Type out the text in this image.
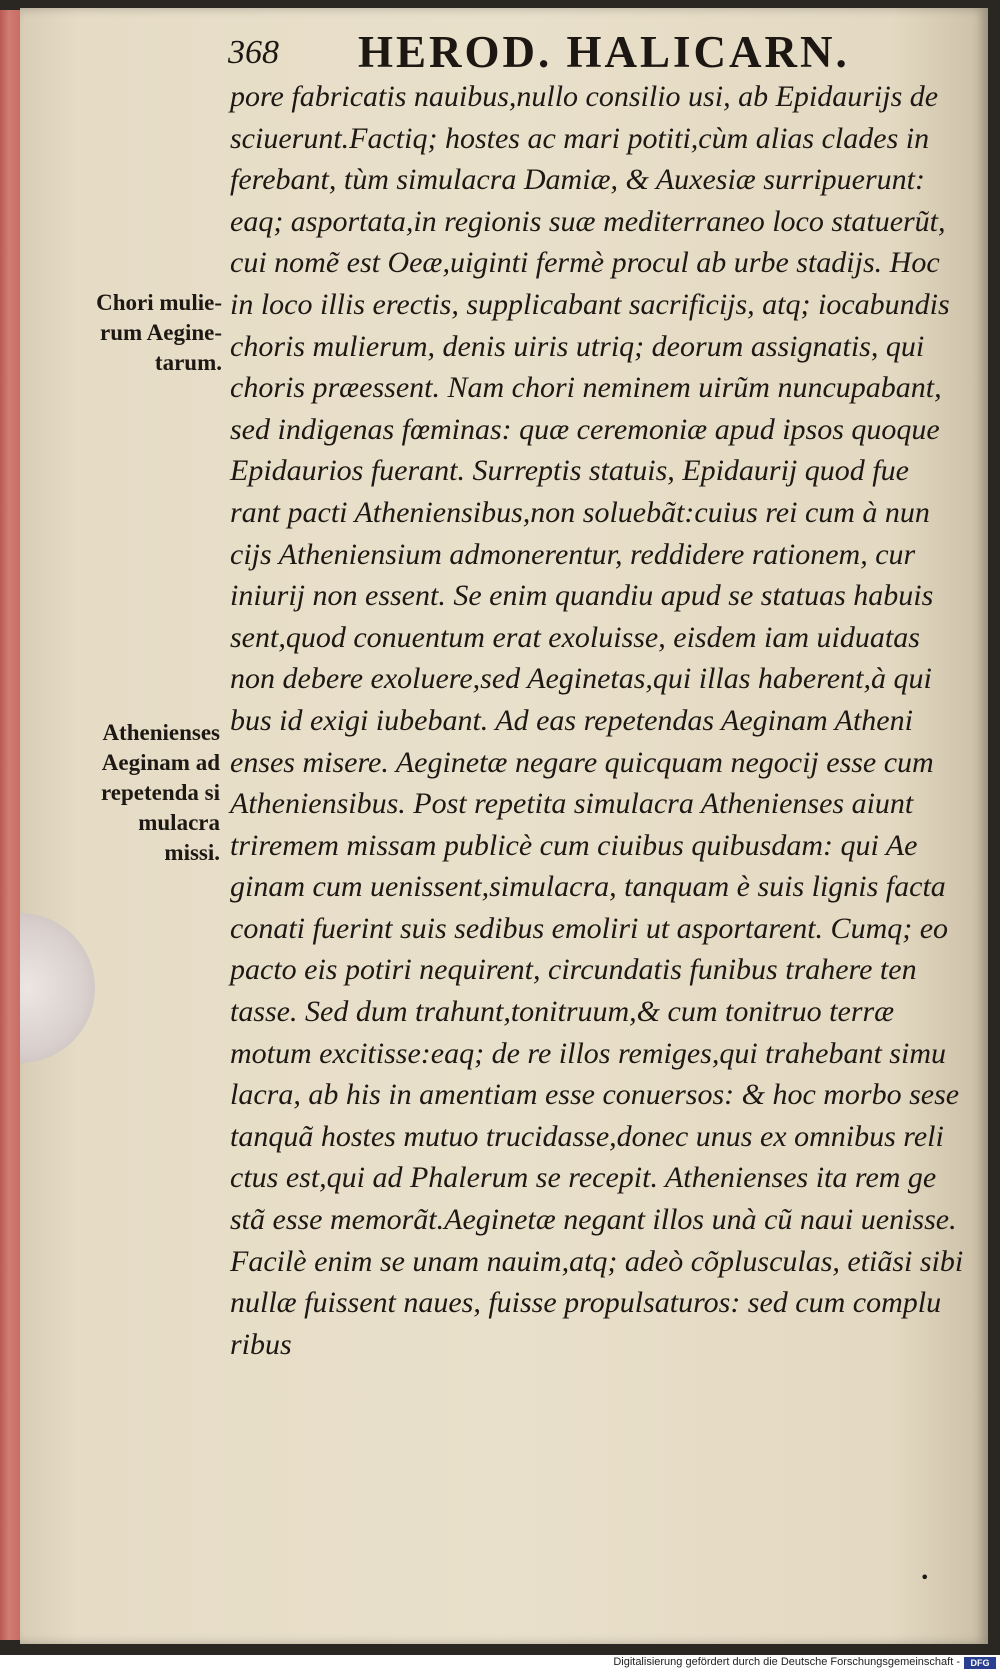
368 HEROD. HALICARN.
pore fabricatis nauibus,nullo consilio usi, ab Epidaurijs de
sciuerunt.Factiq; hostes ac mari potiti,cùm alias clades in
ferebant, tùm simulacra Damiæ, & Auxesiæ surripuerunt:
eaq; asportata,in regionis suæ mediterraneo loco statuerũt,
cui nomẽ est Oeæ,uiginti fermè procul ab urbe stadijs. Hoc
in loco illis erectis, supplicabant sacrificijs, atq; iocabundis
choris mulierum, denis uiris utriq; deorum assignatis, qui
choris præessent. Nam chori neminem uirũm nuncupabant,
sed indigenas fœminas: quæ ceremoniæ apud ipsos quoque
Epidaurios fuerant. Surreptis statuis, Epidaurij quod fue
rant pacti Atheniensibus,non soluebãt:cuius rei cum à nun
cijs Atheniensium admonerentur, reddidere rationem, cur
iniurij non essent. Se enim quandiu apud se statuas habuis
sent,quod conuentum erat exoluisse, eisdem iam uiduatas
non debere exoluere,sed Aeginetas,qui illas haberent,à qui
bus id exigi iubebant. Ad eas repetendas Aeginam Atheni
enses misere. Aeginetæ negare quicquam negocij esse cum
Atheniensibus. Post repetita simulacra Athenienses aiunt
triremem missam publicè cum ciuibus quibusdam: qui Ae
ginam cum uenissent,simulacra, tanquam è suis lignis facta
conati fuerint suis sedibus emoliri ut asportarent. Cumq; eo
pacto eis potiri nequirent, circundatis funibus trahere ten
tasse. Sed dum trahunt,tonitruum,& cum tonitruo terræ
motum excitisse:eaq; de re illos remiges,qui trahebant simu
lacra, ab his in amentiam esse conuersos: & hoc morbo sese
tanquã hostes mutuo trucidasse,donec unus ex omnibus reli
ctus est,qui ad Phalerum se recepit. Athenienses ita rem ge
stã esse memorãt.Aeginetæ negant illos unà cũ naui uenisse.
Facilè enim se unam nauim,atq; adeò cõplusculas, etiãsi sibi
nullæ fuissent naues, fuisse propulsaturos: sed cum complu
ribus
Chori mulie-
rum Aegine-
tarum.
Athenienses
Aeginam ad
repetenda si
mulacra
missi.
•
Digitalisierung gefördert durch die Deutsche Forschungsgemeinschaft -	DFG
